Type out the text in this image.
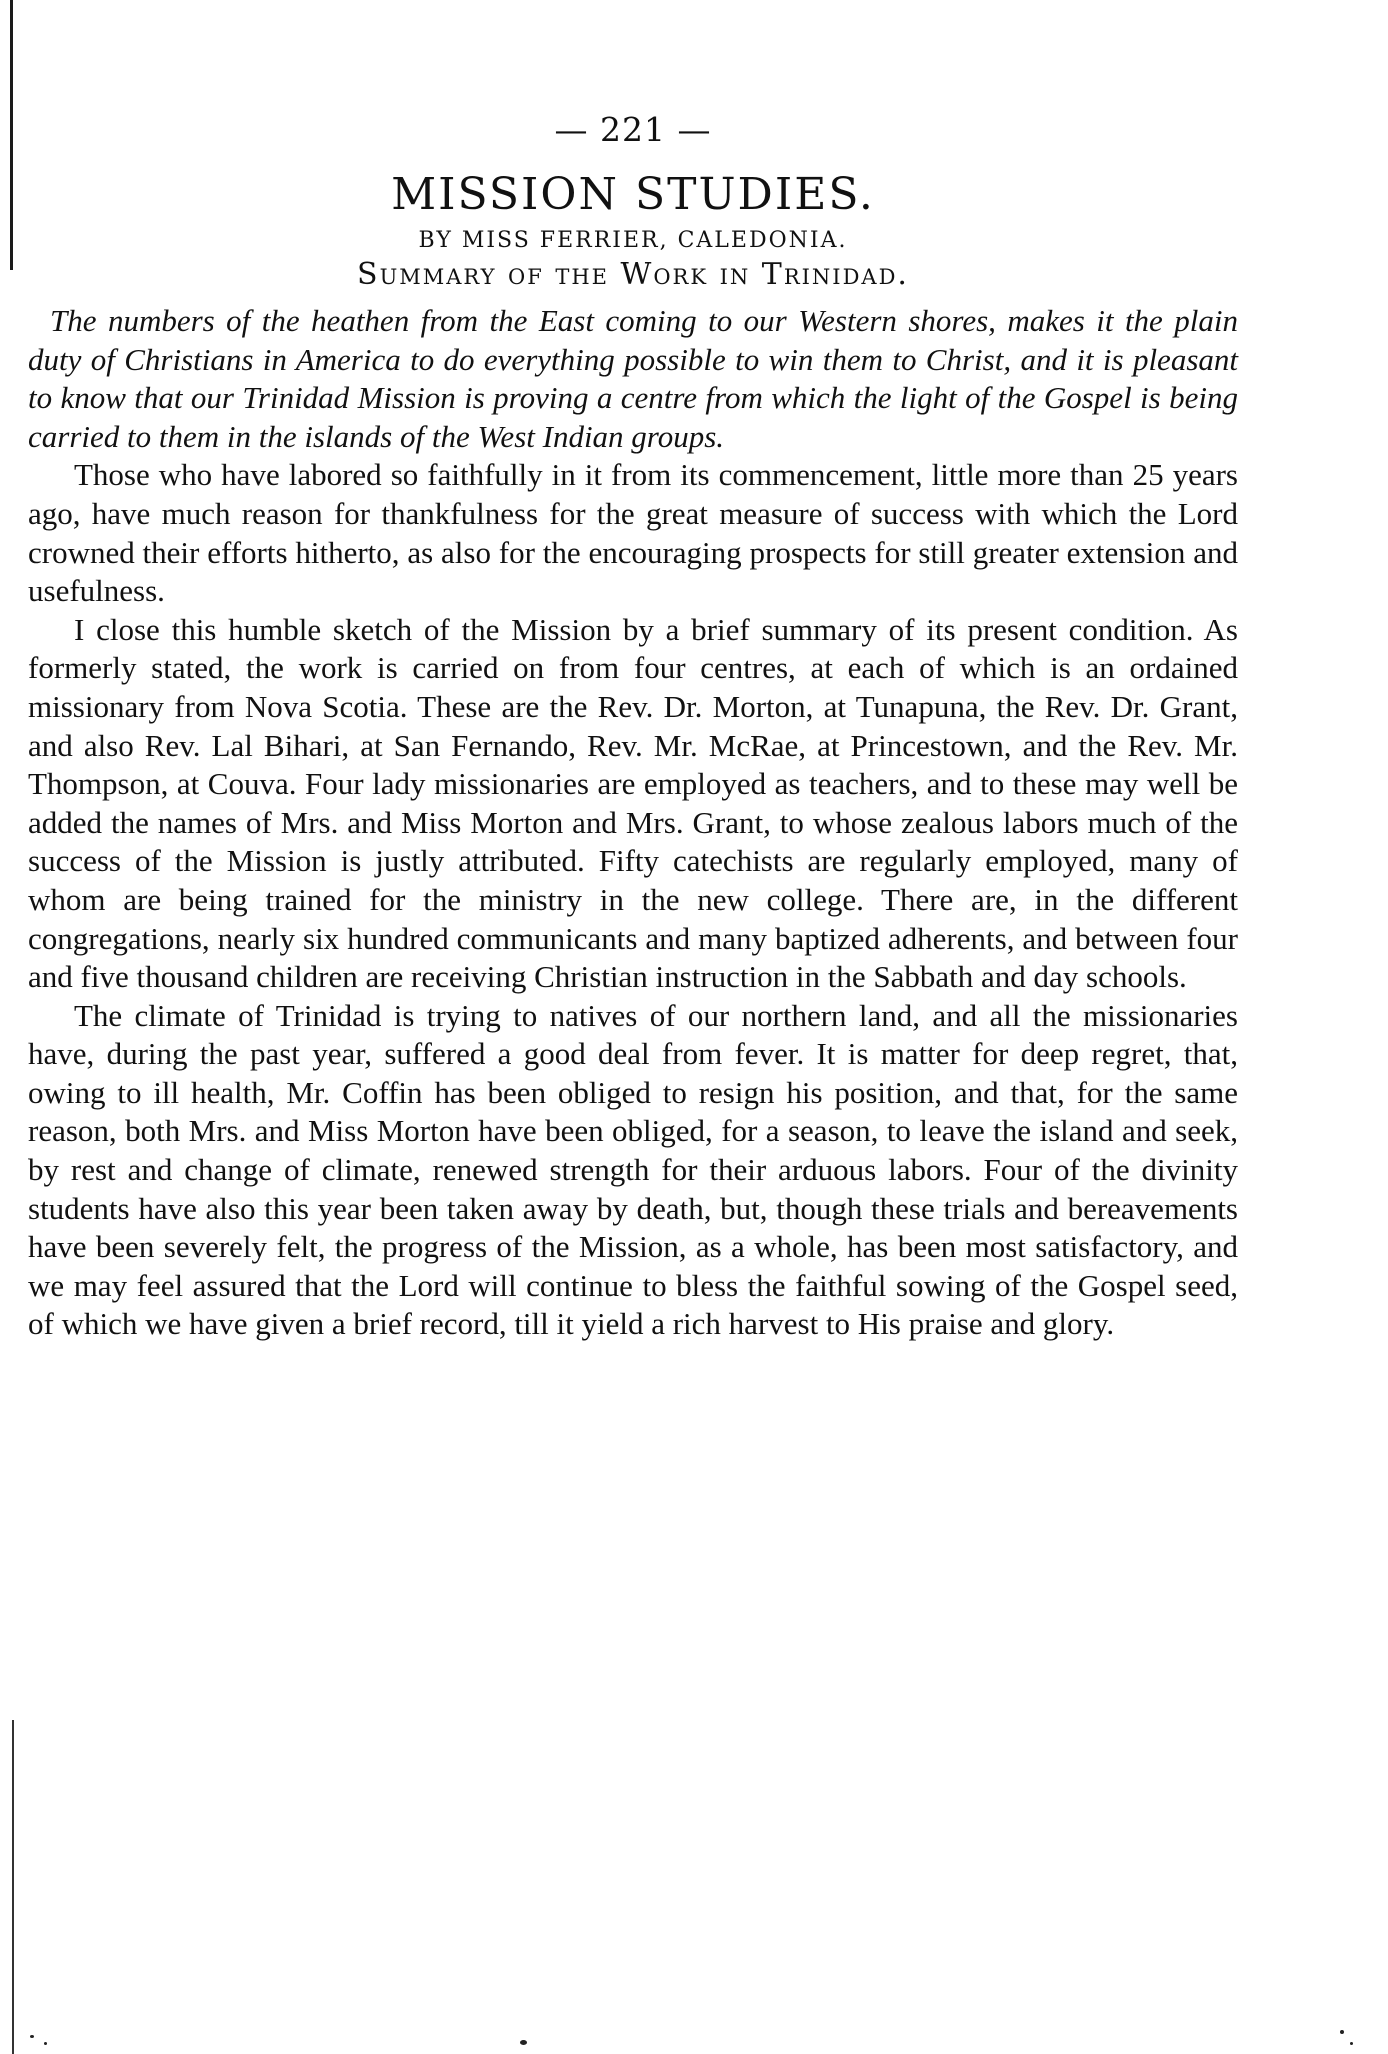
— 221 —
MISSION STUDIES.
BY MISS FERRIER, CALEDONIA.
Summary of the Work in Trinidad.

The numbers of the heathen from the East coming to our Western shores, makes it the plain duty of Christians in America to do everything possible to win them to Christ, and it is pleasant to know that our Trinidad Mission is proving a centre from which the light of the Gospel is being carried to them in the islands of the West Indian groups.

Those who have labored so faithfully in it from its commencement, little more than 25 years ago, have much reason for thankfulness for the great measure of success with which the Lord crowned their efforts hitherto, as also for the encouraging prospects for still greater extension and usefulness.

I close this humble sketch of the Mission by a brief summary of its present condition. As formerly stated, the work is carried on from four centres, at each of which is an ordained missionary from Nova Scotia. These are the Rev. Dr. Morton, at Tunapuna, the Rev. Dr. Grant, and also Rev. Lal Bihari, at San Fernando, Rev. Mr. McRae, at Princestown, and the Rev. Mr. Thompson, at Couva. Four lady missionaries are employed as teachers, and to these may well be added the names of Mrs. and Miss Morton and Mrs. Grant, to whose zealous labors much of the success of the Mission is justly attributed. Fifty catechists are regularly employed, many of whom are being trained for the ministry in the new college. There are, in the different congregations, nearly six hundred communicants and many baptized adherents, and between four and five thousand children are receiving Christian instruction in the Sabbath and day schools.

The climate of Trinidad is trying to natives of our northern land, and all the missionaries have, during the past year, suffered a good deal from fever. It is matter for deep regret, that, owing to ill health, Mr. Coffin has been obliged to resign his position, and that, for the same reason, both Mrs. and Miss Morton have been obliged, for a season, to leave the island and seek, by rest and change of climate, renewed strength for their arduous labors. Four of the divinity students have also this year been taken away by death, but, though these trials and bereavements have been severely felt, the progress of the Mission, as a whole, has been most satisfactory, and we may feel assured that the Lord will continue to bless the faithful sowing of the Gospel seed, of which we have given a brief record, till it yield a rich harvest to His praise and glory.
